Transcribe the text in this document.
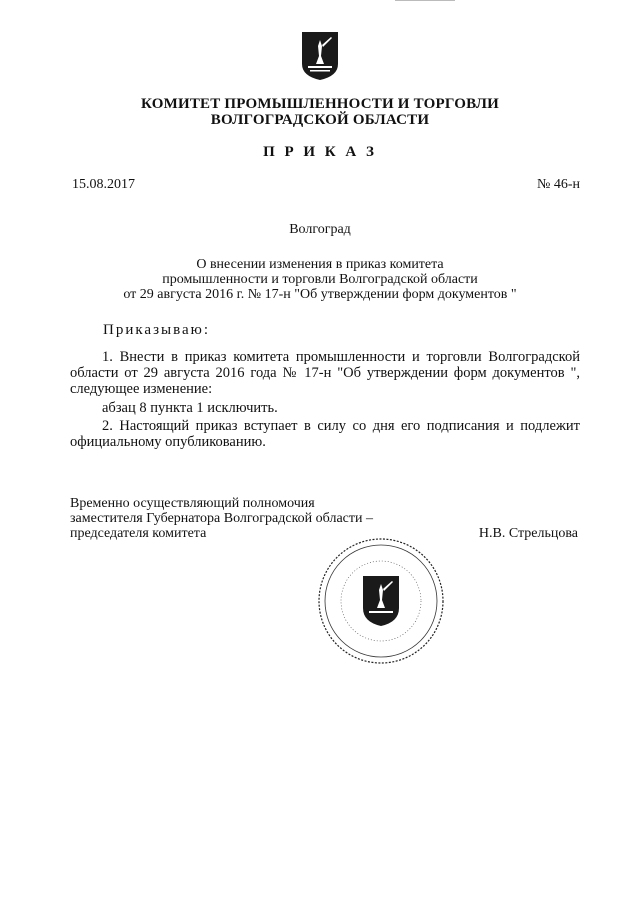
КОМИТЕТ ПРОМЫШЛЕННОСТИ И ТОРГОВЛИ
ВОЛГОГРАДСКОЙ ОБЛАСТИ
П Р И К А З
15.08.2017	№ 46-н
Волгоград
О внесении изменения в приказ комитета
промышленности и торговли Волгоградской области
от 29 августа 2016 г. № 17-н "Об утверждении форм документов "
Приказываю:
1. Внести в приказ комитета промышленности и торговли Волгоградской области от 29 августа 2016 года № 17-н "Об утверждении форм документов ", следующее изменение:
абзац 8 пункта 1 исключить.
2. Настоящий приказ вступает в силу со дня его подписания и подлежит официальному опубликованию.
Временно осуществляющий полномочия
заместителя Губернатора Волгоградской области –
председателя комитета	Н.В. Стрельцова
